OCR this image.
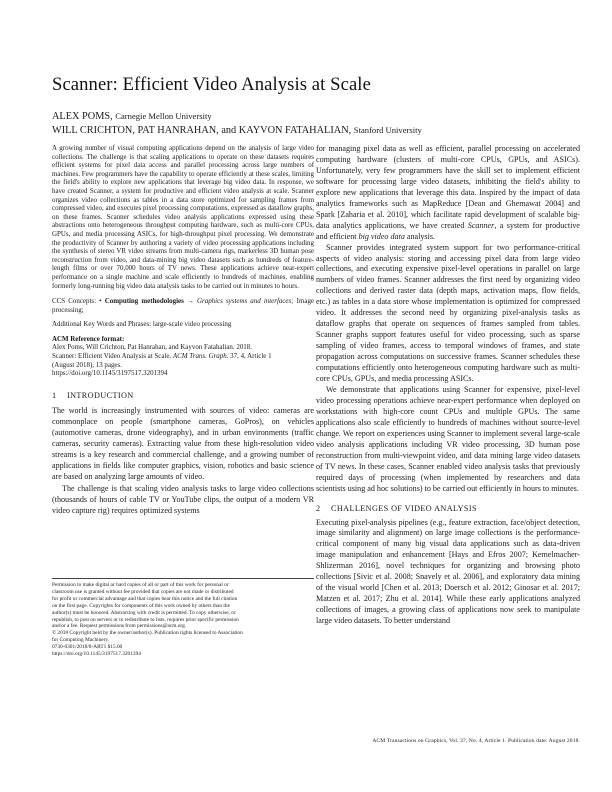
Scanner: Efficient Video Analysis at Scale
ALEX POMS, Carnegie Mellon University
WILL CRICHTON, PAT HANRAHAN, and KAYVON FATAHALIAN, Stanford University

A growing number of visual computing applications depend on the analysis of large video collections. The challenge is that scaling applications to operate on these datasets requires efficient systems for pixel data access and parallel processing across large numbers of machines. Few programmers have the capability to operate efficiently at these scales, limiting the field's ability to explore new applications that leverage big video data. In response, we have created Scanner, a system for productive and efficient video analysis at scale. Scanner organizes video collections as tables in a data store optimized for sampling frames from compressed video, and executes pixel processing computations, expressed as dataflow graphs, on these frames. Scanner schedules video analysis applications expressed using these abstractions onto heterogeneous throughput computing hardware, such as multi-core CPUs, GPUs, and media processing ASICs, for high-throughput pixel processing. We demonstrate the productivity of Scanner by authoring a variety of video processing applications including the synthesis of stereo VR video streams from multi-camera rigs, markerless 3D human pose reconstruction from video, and data-mining big video datasets such as hundreds of feature-length films or over 70,000 hours of TV news. These applications achieve near-expert performance on a single machine and scale efficiently to hundreds of machines, enabling formerly long-running big video data analysis tasks to be carried out in minutes to hours.

CCS Concepts: • Computing methodologies → Graphics systems and interfaces; Image processing;

Additional Key Words and Phrases: large-scale video processing

ACM Reference format:

Alex Poms, Will Crichton, Pat Hanrahan, and Kayvon Fatahalian. 2018.
Scanner: Efficient Video Analysis at Scale. ACM Trans. Graph. 37, 4, Article 1
(August 2018), 13 pages.
https://doi.org/10.1145/3197517.3201394

1 INTRODUCTION

The world is increasingly instrumented with sources of video: cameras are commonplace on people (smartphone cameras, GoPros), on vehicles (automotive cameras, drone videography), and in urban environments (traffic cameras, security cameras). Extracting value from these high-resolution video streams is a key research and commercial challenge, and a growing number of applications in fields like computer graphics, vision, robotics and basic science are based on analyzing large amounts of video.

The challenge is that scaling video analysis tasks to large video collections (thousands of hours of cable TV or YouTube clips, the output of a modern VR video capture rig) requires optimized systems

Permission to make digital or hard copies of all or part of this work for personal or
classroom use is granted without fee provided that copies are not made or distributed
for profit or commercial advantage and that copies bear this notice and the full citation
on the first page. Copyrights for components of this work owned by others than the
author(s) must be honored. Abstracting with credit is permitted. To copy otherwise, or
republish, to post on servers or to redistribute to lists, requires prior specific permission
and/or a fee. Request permissions from permissions@acm.org.
© 2018 Copyright held by the owner/author(s). Publication rights licensed to Association
for Computing Machinery.
0730-0301/2018/8-ART1 $15.00
https://doi.org/10.1145/3197517.3201394

for managing pixel data as well as efficient, parallel processing on accelerated computing hardware (clusters of multi-core CPUs, GPUs, and ASICs). Unfortunately, very few programmers have the skill set to implement efficient software for processing large video datasets, inhibiting the field's ability to explore new applications that leverage this data. Inspired by the impact of data analytics frameworks such as MapReduce [Dean and Ghemawat 2004] and Spark [Zaharia et al. 2010], which facilitate rapid development of scalable big-data analytics applications, we have created Scanner, a system for productive and efficient big video data analysis.

Scanner provides integrated system support for two performance-critical aspects of video analysis: storing and accessing pixel data from large video collections, and executing expensive pixel-level operations in parallel on large numbers of video frames. Scanner addresses the first need by organizing video collections and derived raster data (depth maps, activation maps, flow fields, etc.) as tables in a data store whose implementation is optimized for compressed video. It addresses the second need by organizing pixel-analysis tasks as dataflow graphs that operate on sequences of frames sampled from tables. Scanner graphs support features useful for video processing, such as sparse sampling of video frames, access to temporal windows of frames, and state propagation across computations on successive frames. Scanner schedules these computations efficiently onto heterogeneous computing hardware such as multi-core CPUs, GPUs, and media processing ASICs.

We demonstrate that applications using Scanner for expensive, pixel-level video processing operations achieve near-expert performance when deployed on workstations with high-core count CPUs and multiple GPUs. The same applications also scale efficiently to hundreds of machines without source-level change. We report on experiences using Scanner to implement several large-scale video analysis applications including VR video processing, 3D human pose reconstruction from multi-viewpoint video, and data mining large video datasets of TV news. In these cases, Scanner enabled video analysis tasks that previously required days of processing (when implemented by researchers and data scientists using ad hoc solutions) to be carried out efficiently in hours to minutes.

2 CHALLENGES OF VIDEO ANALYSIS

Executing pixel-analysis pipelines (e.g., feature extraction, face/object detection, image similarity and alignment) on large image collections is the performance-critical component of many big visual data applications such as data-driven image manipulation and enhancement [Hays and Efros 2007; Kemelmacher-Shlizerman 2016], novel techniques for organizing and browsing photo collections [Sivic et al. 2008; Snavely et al. 2006], and exploratory data mining of the visual world [Chen et al. 2013; Doersch et al. 2012; Ginosar et al. 2017; Matzen et al. 2017; Zhu et al. 2014]. While these early applications analyzed collections of images, a growing class of applications now seek to manipulate large video datasets. To better understand

ACM Transactions on Graphics, Vol. 37, No. 4, Article 1. Publication date: August 2018.
